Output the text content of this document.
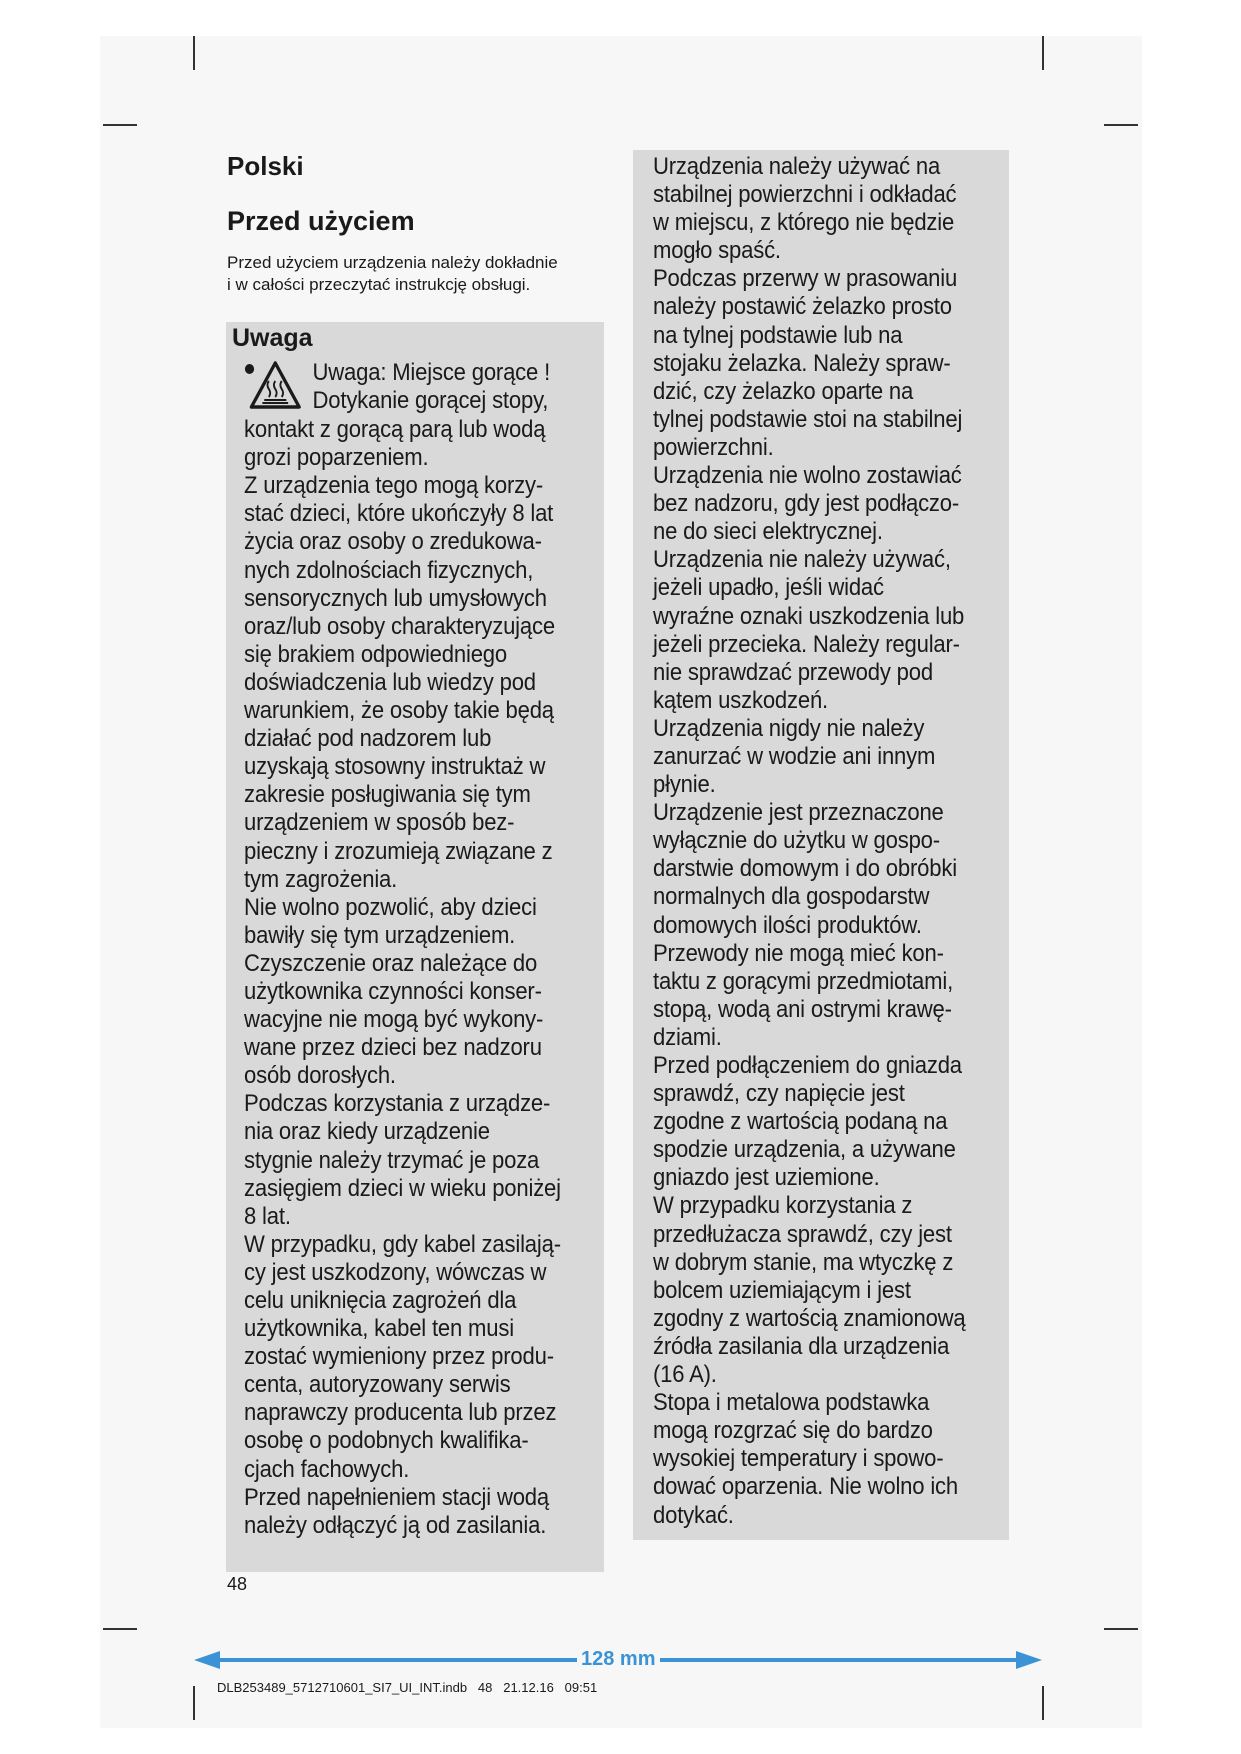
Polski
Przed użyciem
Przed użyciem urządzenia należy dokładnie
i w całości przeczytać instrukcję obsługi.
Uwaga

Uwaga: Miejsce gorące !
Dotykanie gorącej stopy,

kontakt z gorącą parą lub wodą

grozi poparzeniem.

Z urządzenia tego mogą korzy-

stać dzieci, które ukończyły 8 lat

życia oraz osoby o zredukowa-

nych zdolnościach fizycznych,

sensorycznych lub umysłowych

oraz/lub osoby charakteryzujące

się brakiem odpowiedniego

doświadczenia lub wiedzy pod

warunkiem, że osoby takie będą

działać pod nadzorem lub

uzyskają stosowny instruktaż w

zakresie posługiwania się tym

urządzeniem w sposób bez-

pieczny i zrozumieją związane z

tym zagrożenia.

Nie wolno pozwolić, aby dzieci

bawiły się tym urządzeniem.

Czyszczenie oraz należące do

użytkownika czynności konser-

wacyjne nie mogą być wykony-

wane przez dzieci bez nadzoru

osób dorosłych.

Podczas korzystania z urządze-

nia oraz kiedy urządzenie

stygnie należy trzymać je poza

zasięgiem dzieci w wieku poniżej

8 lat.

W przypadku, gdy kabel zasilają-

cy jest uszkodzony, wówczas w

celu uniknięcia zagrożeń dla

użytkownika, kabel ten musi

zostać wymieniony przez produ-

centa, autoryzowany serwis

naprawczy producenta lub przez

osobę o podobnych kwalifika-

cjach fachowych.

Przed napełnieniem stacji wodą

należy odłączyć ją od zasilania.

Urządzenia należy używać na

stabilnej powierzchni i odkładać

w miejscu, z którego nie będzie

mogło spaść.

Podczas przerwy w prasowaniu

należy postawić żelazko prosto

na tylnej podstawie lub na

stojaku żelazka. Należy spraw-

dzić, czy żelazko oparte na

tylnej podstawie stoi na stabilnej

powierzchni.

Urządzenia nie wolno zostawiać

bez nadzoru, gdy jest podłączo-

ne do sieci elektrycznej.

Urządzenia nie należy używać,

jeżeli upadło, jeśli widać

wyraźne oznaki uszkodzenia lub

jeżeli przecieka. Należy regular-

nie sprawdzać przewody pod

kątem uszkodzeń.

Urządzenia nigdy nie należy

zanurzać w wodzie ani innym

płynie.

Urządzenie jest przeznaczone

wyłącznie do użytku w gospo-

darstwie domowym i do obróbki

normalnych dla gospodarstw

domowych ilości produktów.

Przewody nie mogą mieć kon-

taktu z gorącymi przedmiotami,

stopą, wodą ani ostrymi krawę-

dziami.

Przed podłączeniem do gniazda

sprawdź, czy napięcie jest

zgodne z wartością podaną na

spodzie urządzenia, a używane

gniazdo jest uziemione.

W przypadku korzystania z

przedłużacza sprawdź, czy jest

w dobrym stanie, ma wtyczkę z

bolcem uziemiającym i jest

zgodny z wartością znamionową

źródła zasilania dla urządzenia

(16 A).

Stopa i metalowa podstawka

mogą rozgrzać się do bardzo

wysokiej temperatury i spowo-

dować oparzenia. Nie wolno ich

dotykać.

48

128 mm

DLB253489_5712710601_SI7_UI_INT.indb   48   21.12.16   09:51
